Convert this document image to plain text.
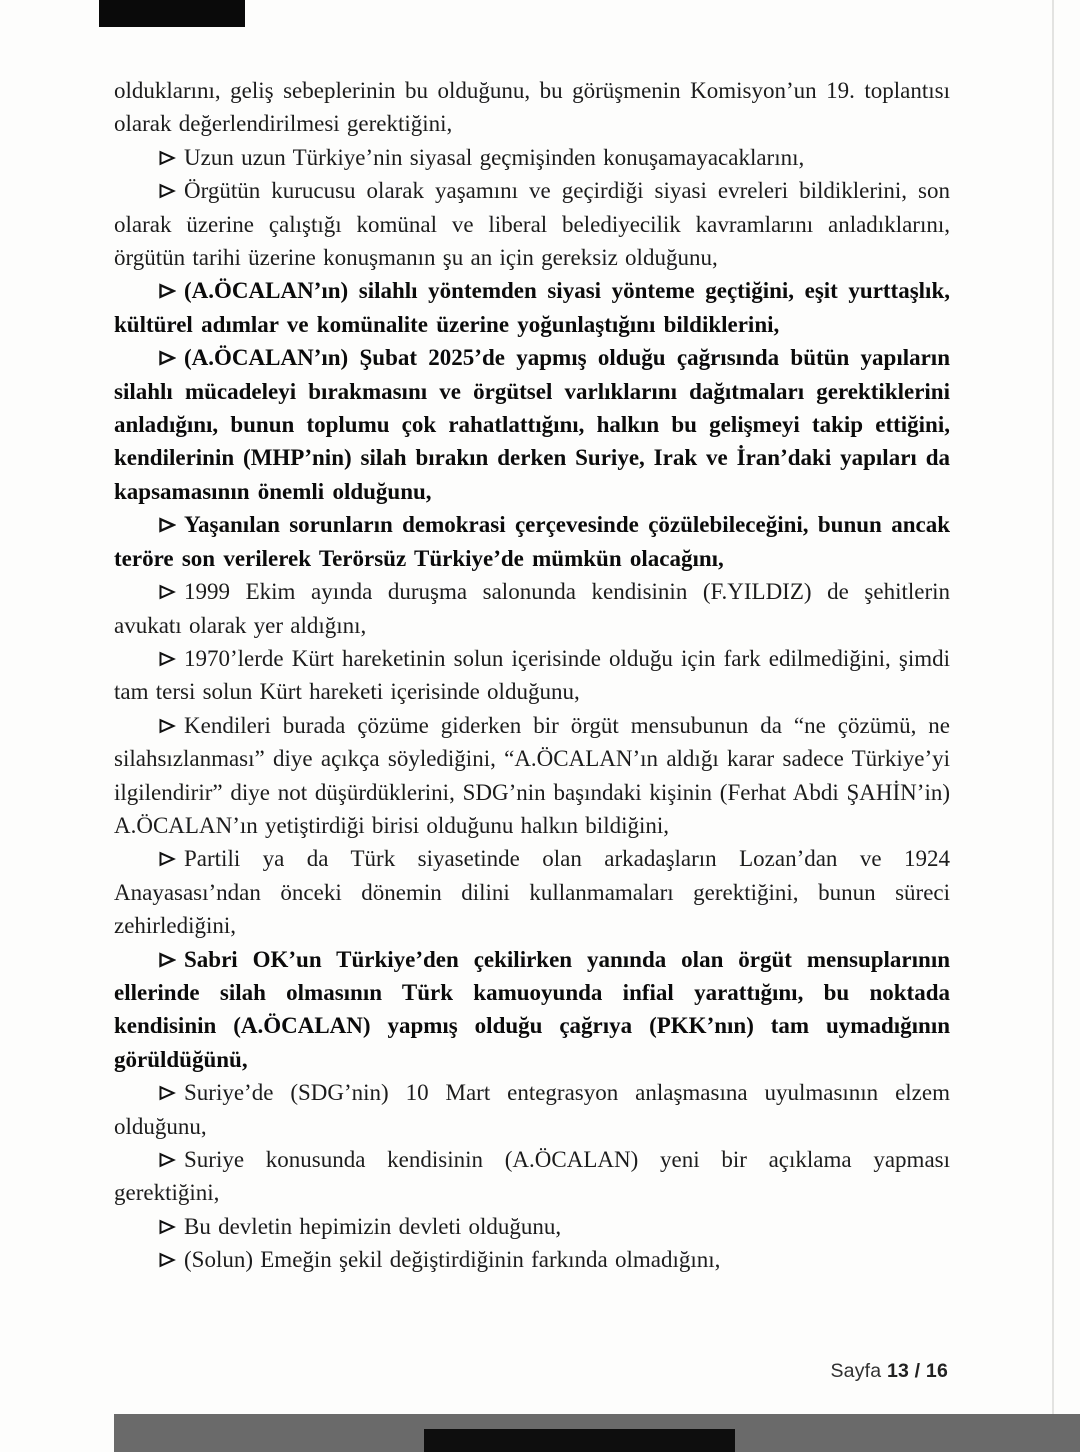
olduklarını, geliş sebeplerinin bu olduğunu, bu görüşmenin Komisyon’un 19. toplantısı olarak değerlendirilmesi gerektiğini,

Uzun uzun Türkiye’nin siyasal geçmişinden konuşamayacaklarını,

Örgütün kurucusu olarak yaşamını ve geçirdiği siyasi evreleri bildiklerini, son olarak üzerine çalıştığı komünal ve liberal belediyecilik kavramlarını anladıklarını, örgütün tarihi üzerine konuşmanın şu an için gereksiz olduğunu,

(A.ÖCALAN’ın) silahlı yöntemden siyasi yönteme geçtiğini, eşit yurttaşlık, kültürel adımlar ve komünalite üzerine yoğunlaştığını bildiklerini,

(A.ÖCALAN’ın) Şubat 2025’de yapmış olduğu çağrısında bütün yapıların silahlı mücadeleyi bırakmasını ve örgütsel varlıklarını dağıtmaları gerektiklerini anladığını, bunun toplumu çok rahatlattığını, halkın bu gelişmeyi takip ettiğini, kendilerinin (MHP’nin) silah bırakın derken Suriye, Irak ve İran’daki yapıları da kapsamasının önemli olduğunu,

Yaşanılan sorunların demokrasi çerçevesinde çözülebileceğini, bunun ancak teröre son verilerek Terörsüz Türkiye’de mümkün olacağını,

1999 Ekim ayında duruşma salonunda kendisinin (F.YILDIZ) de şehitlerin avukatı olarak yer aldığını,

1970’lerde Kürt hareketinin solun içerisinde olduğu için fark edilmediğini, şimdi tam tersi solun Kürt hareketi içerisinde olduğunu,

Kendileri burada çözüme giderken bir örgüt mensubunun da “ne çözümü, ne silahsızlanması” diye açıkça söylediğini, “A.ÖCALAN’ın aldığı karar sadece Türkiye’yi ilgilendirir” diye not düşürdüklerini, SDG’nin başındaki kişinin (Ferhat Abdi ŞAHİN’in) A.ÖCALAN’ın yetiştirdiği birisi olduğunu halkın bildiğini,

Partili ya da Türk siyasetinde olan arkadaşların Lozan’dan ve 1924 Anayasası’ndan önceki dönemin dilini kullanmamaları gerektiğini, bunun süreci zehirlediğini,

Sabri OK’un Türkiye’den çekilirken yanında olan örgüt mensuplarının ellerinde silah olmasının Türk kamuoyunda infial yarattığını, bu noktada kendisinin (A.ÖCALAN) yapmış olduğu çağrıya (PKK’nın) tam uymadığının görüldüğünü,

Suriye’de (SDG’nin) 10 Mart entegrasyon anlaşmasına uyulmasının elzem olduğunu,

Suriye konusunda kendisinin (A.ÖCALAN) yeni bir açıklama yapması gerektiğini,

Bu devletin hepimizin devleti olduğunu,

(Solun) Emeğin şekil değiştirdiğinin farkında olmadığını,

Sayfa 13 / 16
